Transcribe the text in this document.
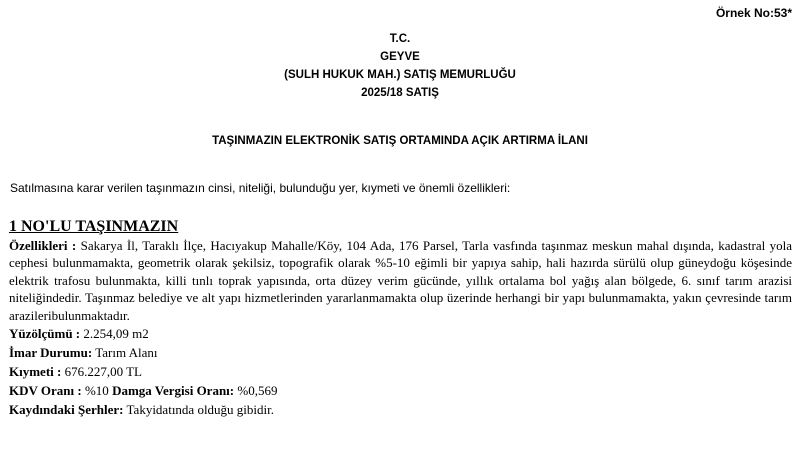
Örnek No:53*
T.C.
GEYVE
(SULH HUKUK MAH.) SATIŞ MEMURLUĞU
2025/18 SATIŞ
TAŞINMAZIN ELEKTRONİK SATIŞ ORTAMINDA AÇIK ARTIRMA İLANI
Satılmasına karar verilen taşınmazın cinsi, niteliği, bulunduğu yer, kıymeti ve önemli özellikleri:

1 NO'LU TAŞINMAZIN

Özellikleri : Sakarya İl, Taraklı İlçe, Hacıyakup Mahalle/Köy, 104 Ada, 176 Parsel, Tarla vasfında taşınmaz meskun mahal dışında, kadastral yola cephesi bulunmamakta, geometrik olarak şekilsiz, topografik olarak %5-10 eğimli bir yapıya sahip, hali hazırda sürülü olup güneydoğu köşesinde elektrik trafosu bulunmakta, killi tınlı toprak yapısında, orta düzey verim gücünde, yıllık ortalama bol yağış alan bölgede, 6. sınıf tarım arazisi niteliğindedir. Taşınmaz belediye ve alt yapı hizmetlerinden yararlanmamakta olup üzerinde herhangi bir yapı bulunmamakta, yakın çevresinde tarım arazileribulunmaktadır.

Yüzölçümü : 2.254,09 m2

İmar Durumu: Tarım Alanı

Kıymeti : 676.227,00 TL

KDV Oranı : %10 Damga Vergisi Oranı: %0,569

Kaydındaki Şerhler: Takyidatında olduğu gibidir.
